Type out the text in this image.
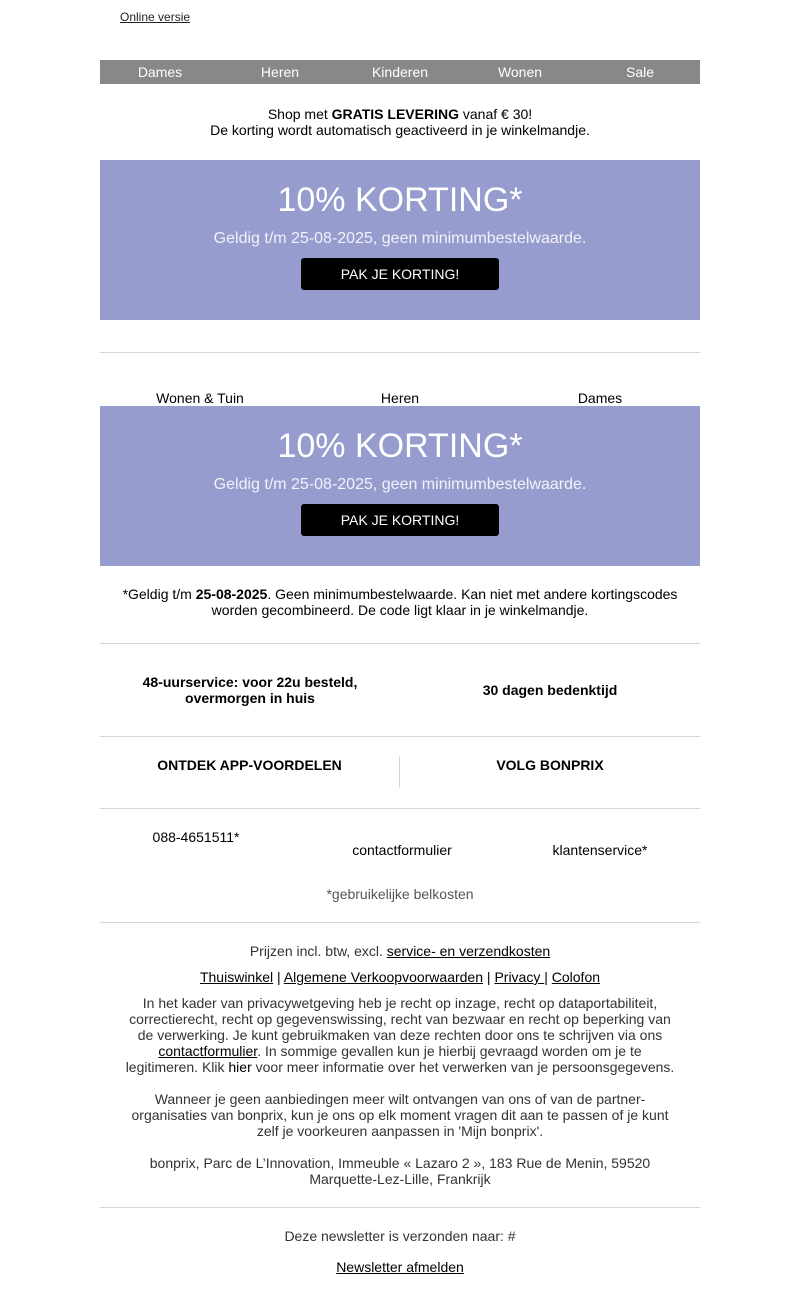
Online versie
Dames	Heren	Kinderen	Wonen	Sale
Shop met GRATIS LEVERING vanaf € 30!
De korting wordt automatisch geactiveerd in je winkelmandje.
10% KORTING*
Geldig t/m 25-08-2025, geen minimumbestelwaarde.
PAK JE KORTING!
Wonen & Tuin	Heren	Dames
10% KORTING*
Geldig t/m 25-08-2025, geen minimumbestelwaarde.
PAK JE KORTING!
*Geldig t/m 25-08-2025. Geen minimumbestelwaarde. Kan niet met andere kortingscodes worden gecombineerd. De code ligt klaar in je winkelmandje.
48-uurservice: voor 22u besteld,
overmorgen in huis	30 dagen bedenktijd
ONTDEK APP-VOORDELEN	VOLG BONPRIX
088-4651511*
contactformulier	klantenservice*
*gebruikelijke belkosten
Prijzen incl. btw, excl. service- en verzendkosten
Thuiswinkel | Algemene Verkoopvoorwaarden | Privacy | Colofon
In het kader van privacywetgeving heb je recht op inzage, recht op dataportabiliteit, correctierecht, recht op gegevenswissing, recht van bezwaar en recht op beperking van de verwerking. Je kunt gebruikmaken van deze rechten door ons te schrijven via ons contactformulier. In sommige gevallen kun je hierbij gevraagd worden om je te legitimeren. Klik hier voor meer informatie over het verwerken van je persoonsgegevens.
Wanneer je geen aanbiedingen meer wilt ontvangen van ons of van de partner-organisaties van bonprix, kun je ons op elk moment vragen dit aan te passen of je kunt zelf je voorkeuren aanpassen in 'Mijn bonprix'.
bonprix, Parc de L’Innovation, Immeuble « Lazaro 2 », 183 Rue de Menin, 59520 Marquette-Lez-Lille, Frankrijk
Deze newsletter is verzonden naar: #
Newsletter afmelden
